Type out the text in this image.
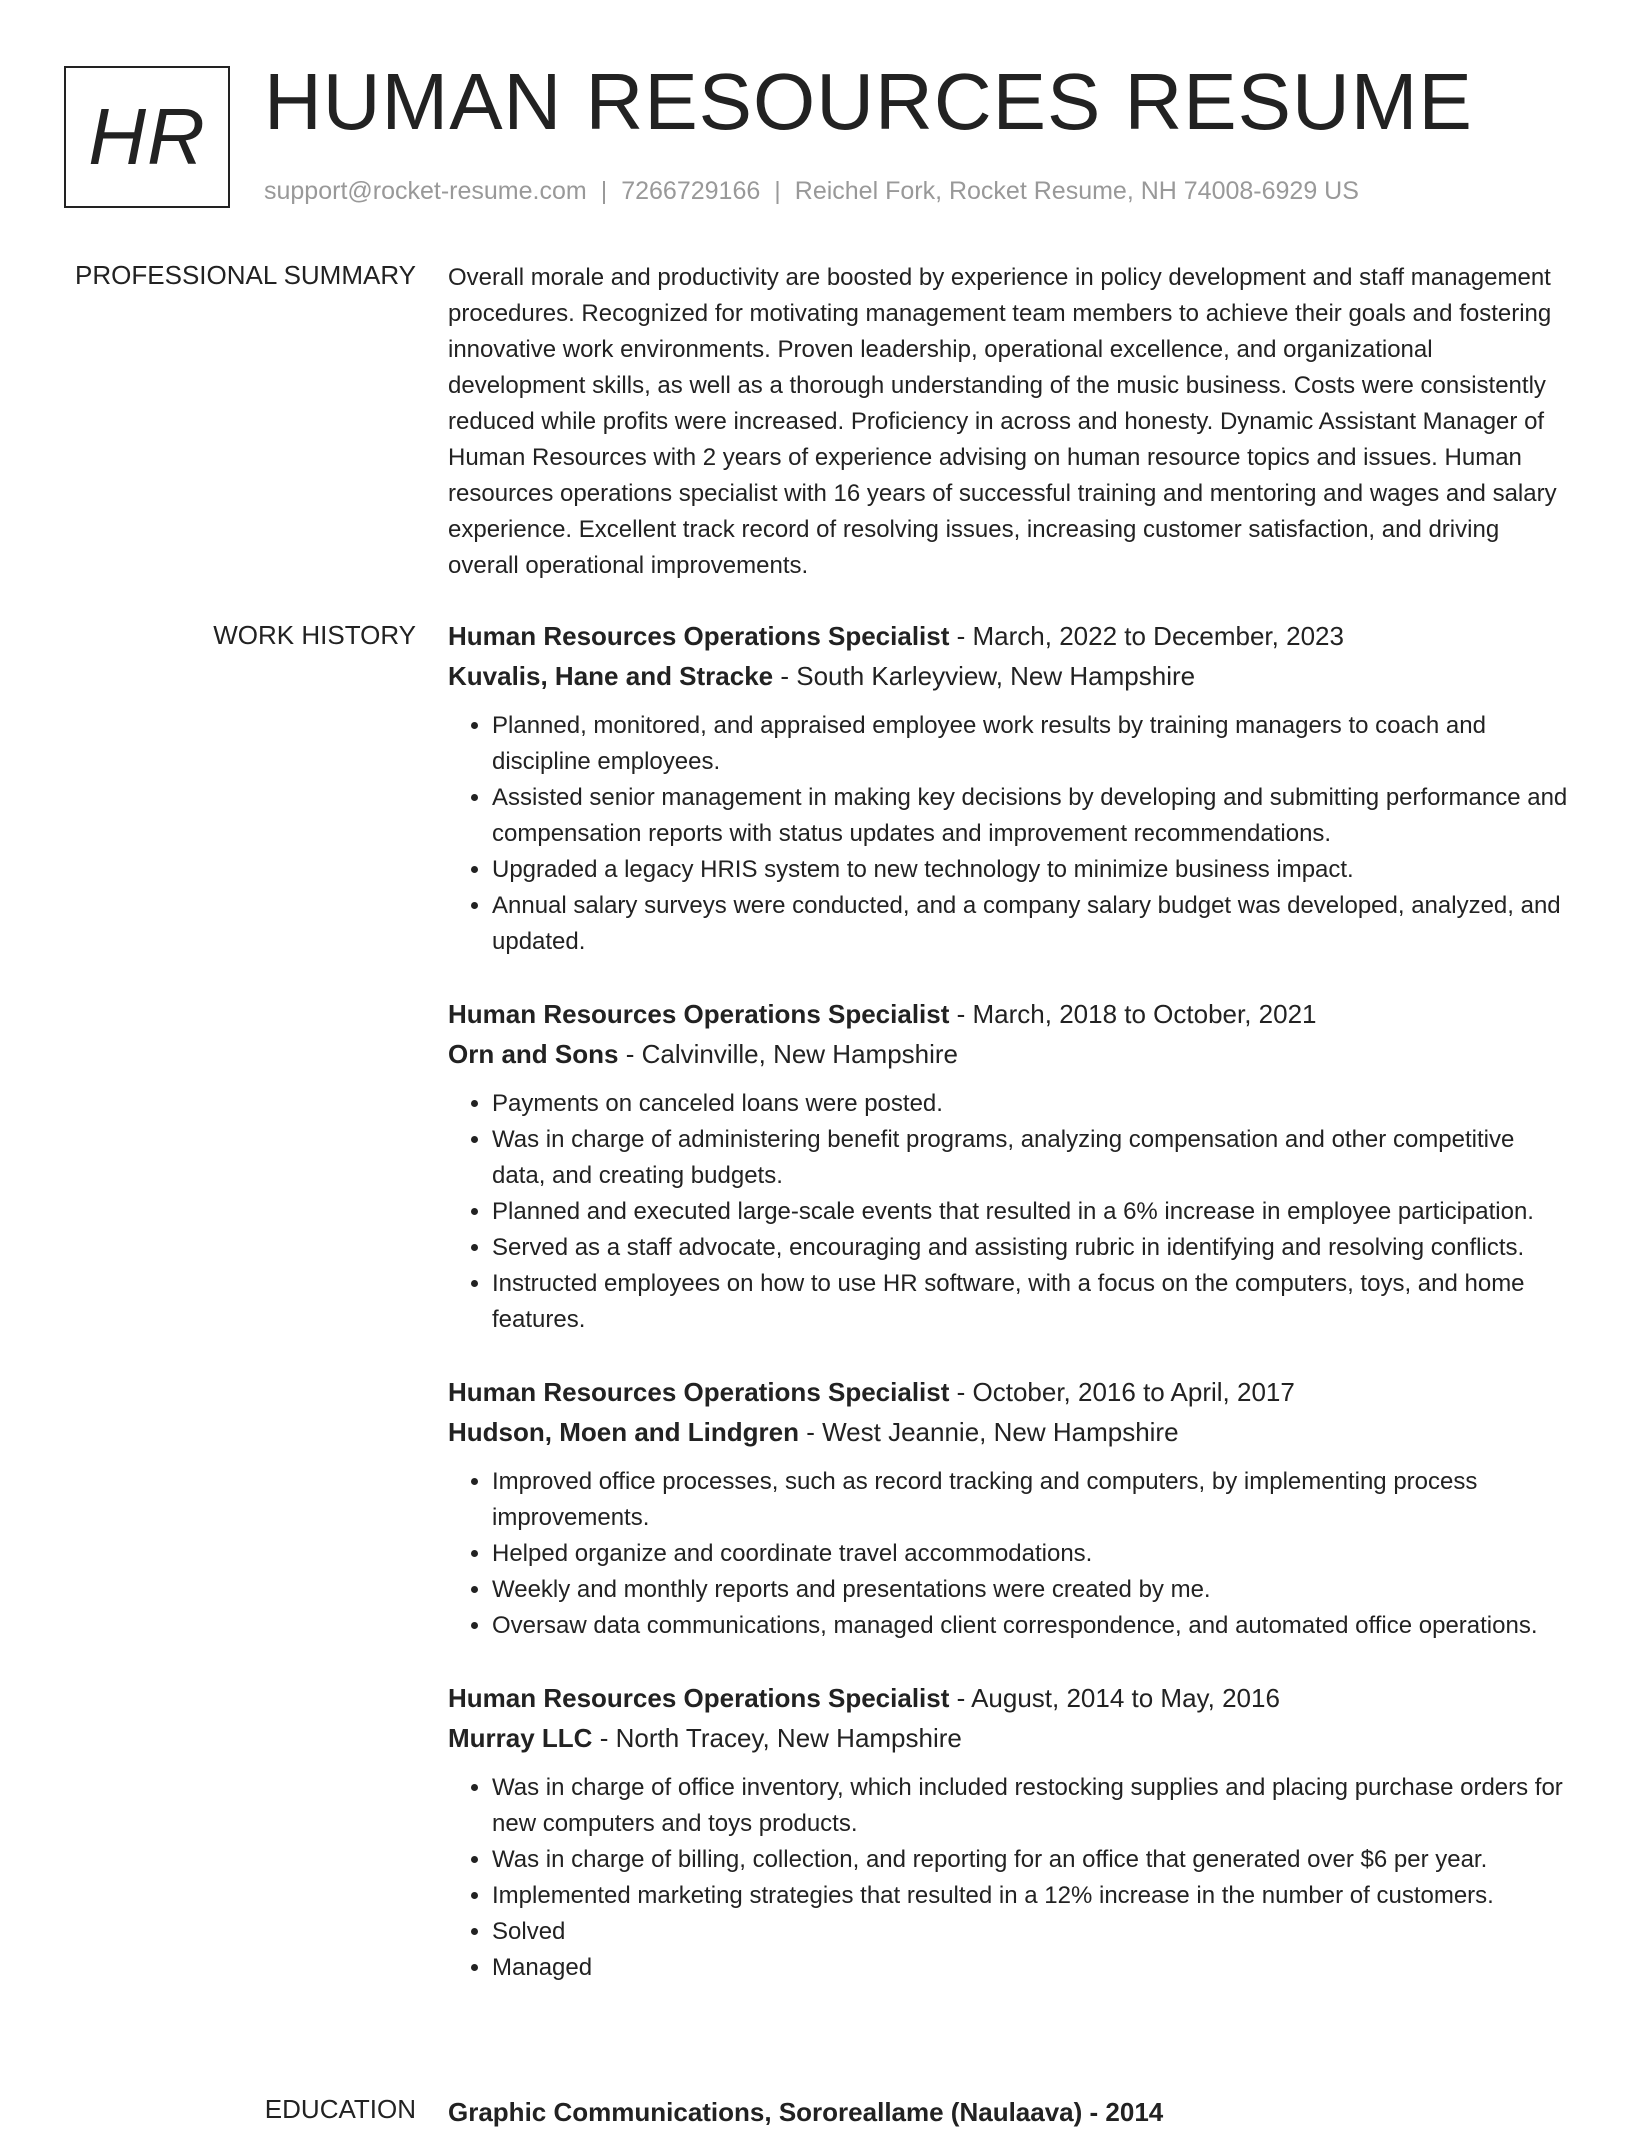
HR HUMAN RESOURCES RESUME
support@rocket-resume.com | 7266729166 | Reichel Fork, Rocket Resume, NH 74008-6929 US
PROFESSIONAL SUMMARY Overall morale and productivity are boosted by experience in policy development and staff management procedures. Recognized for motivating management team members to achieve their goals and fostering innovative work environments. Proven leadership, operational excellence, and organizational development skills, as well as a thorough understanding of the music business. Costs were consistently reduced while profits were increased. Proficiency in across and honesty. Dynamic Assistant Manager of Human Resources with 2 years of experience advising on human resource topics and issues. Human resources operations specialist with 16 years of successful training and mentoring and wages and salary experience. Excellent track record of resolving issues, increasing customer satisfaction, and driving overall operational improvements.

WORK HISTORY Human Resources Operations Specialist - March, 2022 to December, 2023
Kuvalis, Hane and Stracke - South Karleyview, New Hampshire
• Planned, monitored, and appraised employee work results by training managers to coach and discipline employees.
• Assisted senior management in making key decisions by developing and submitting performance and compensation reports with status updates and improvement recommendations.
• Upgraded a legacy HRIS system to new technology to minimize business impact.
• Annual salary surveys were conducted, and a company salary budget was developed, analyzed, and updated.
Human Resources Operations Specialist - March, 2018 to October, 2021
Orn and Sons - Calvinville, New Hampshire
• Payments on canceled loans were posted.
• Was in charge of administering benefit programs, analyzing compensation and other competitive data, and creating budgets.
• Planned and executed large-scale events that resulted in a 6% increase in employee participation.
• Served as a staff advocate, encouraging and assisting rubric in identifying and resolving conflicts.
• Instructed employees on how to use HR software, with a focus on the computers, toys, and home features.
Human Resources Operations Specialist - October, 2016 to April, 2017
Hudson, Moen and Lindgren - West Jeannie, New Hampshire
• Improved office processes, such as record tracking and computers, by implementing process improvements.
• Helped organize and coordinate travel accommodations.
• Weekly and monthly reports and presentations were created by me.
• Oversaw data communications, managed client correspondence, and automated office operations.
Human Resources Operations Specialist - August, 2014 to May, 2016
Murray LLC - North Tracey, New Hampshire
• Was in charge of office inventory, which included restocking supplies and placing purchase orders for new computers and toys products.
• Was in charge of billing, collection, and reporting for an office that generated over $6 per year.
• Implemented marketing strategies that resulted in a 12% increase in the number of customers.
• Solved
• Managed
EDUCATION Graphic Communications, Sororeallame (Naulaava) - 2014
